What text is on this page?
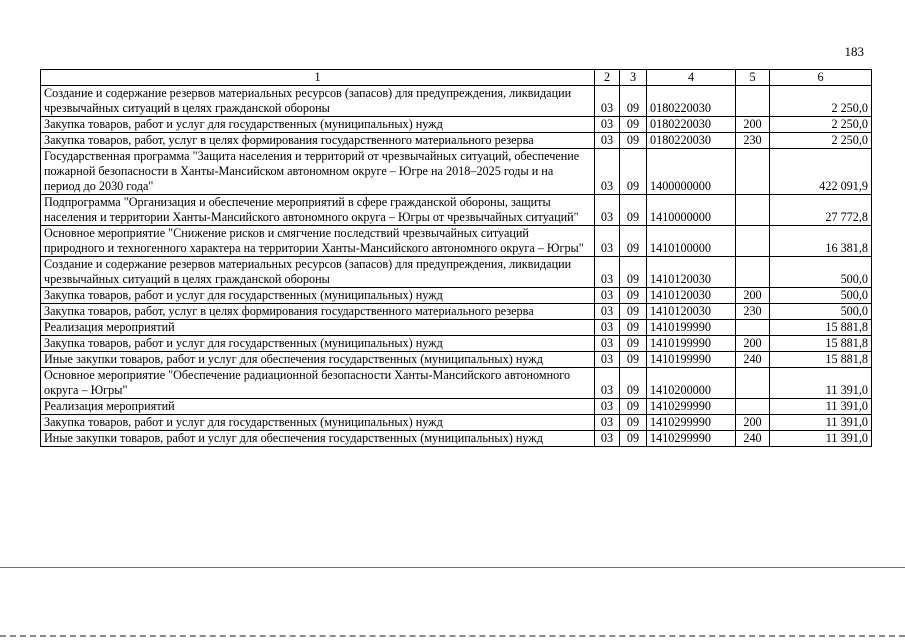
183
1	2	3	4	5	6
Создание и содержание резервов материальных ресурсов (запасов) для предупреждения, ликвидации чрезвычайных ситуаций в целях гражданской обороны	03	09	0180220030		2 250,0
Закупка товаров, работ и услуг для государственных (муниципальных) нужд	03	09	0180220030	200	2 250,0
Закупка товаров, работ, услуг в целях формирования государственного материального резерва	03	09	0180220030	230	2 250,0
Государственная программа "Защита населения и территорий от чрезвычайных ситуаций, обеспечение пожарной безопасности в Ханты-Мансийском автономном округе – Югре на 2018–2025 годы и на период до 2030 года"	03	09	1400000000		422 091,9
Подпрограмма "Организация и обеспечение мероприятий в сфере гражданской обороны, защиты населения и территории Ханты-Мансийского автономного округа – Югры от чрезвычайных ситуаций"	03	09	1410000000		27 772,8
Основное мероприятие "Снижение рисков и смягчение последствий чрезвычайных ситуаций природного и техногенного характера на территории Ханты-Мансийского автономного округа – Югры"	03	09	1410100000		16 381,8
Создание и содержание резервов материальных ресурсов (запасов) для предупреждения, ликвидации чрезвычайных ситуаций в целях гражданской обороны	03	09	1410120030		500,0
Закупка товаров, работ и услуг для государственных (муниципальных) нужд	03	09	1410120030	200	500,0
Закупка товаров, работ, услуг в целях формирования государственного материального резерва	03	09	1410120030	230	500,0
Реализация мероприятий	03	09	1410199990		15 881,8
Закупка товаров, работ и услуг для государственных (муниципальных) нужд	03	09	1410199990	200	15 881,8
Иные закупки товаров, работ и услуг для обеспечения государственных (муниципальных) нужд	03	09	1410199990	240	15 881,8
Основное мероприятие "Обеспечение радиационной безопасности Ханты-Мансийского автономного округа – Югры"	03	09	1410200000		11 391,0
Реализация мероприятий	03	09	1410299990		11 391,0
Закупка товаров, работ и услуг для государственных (муниципальных) нужд	03	09	1410299990	200	11 391,0
Иные закупки товаров, работ и услуг для обеспечения государственных (муниципальных) нужд	03	09	1410299990	240	11 391,0
